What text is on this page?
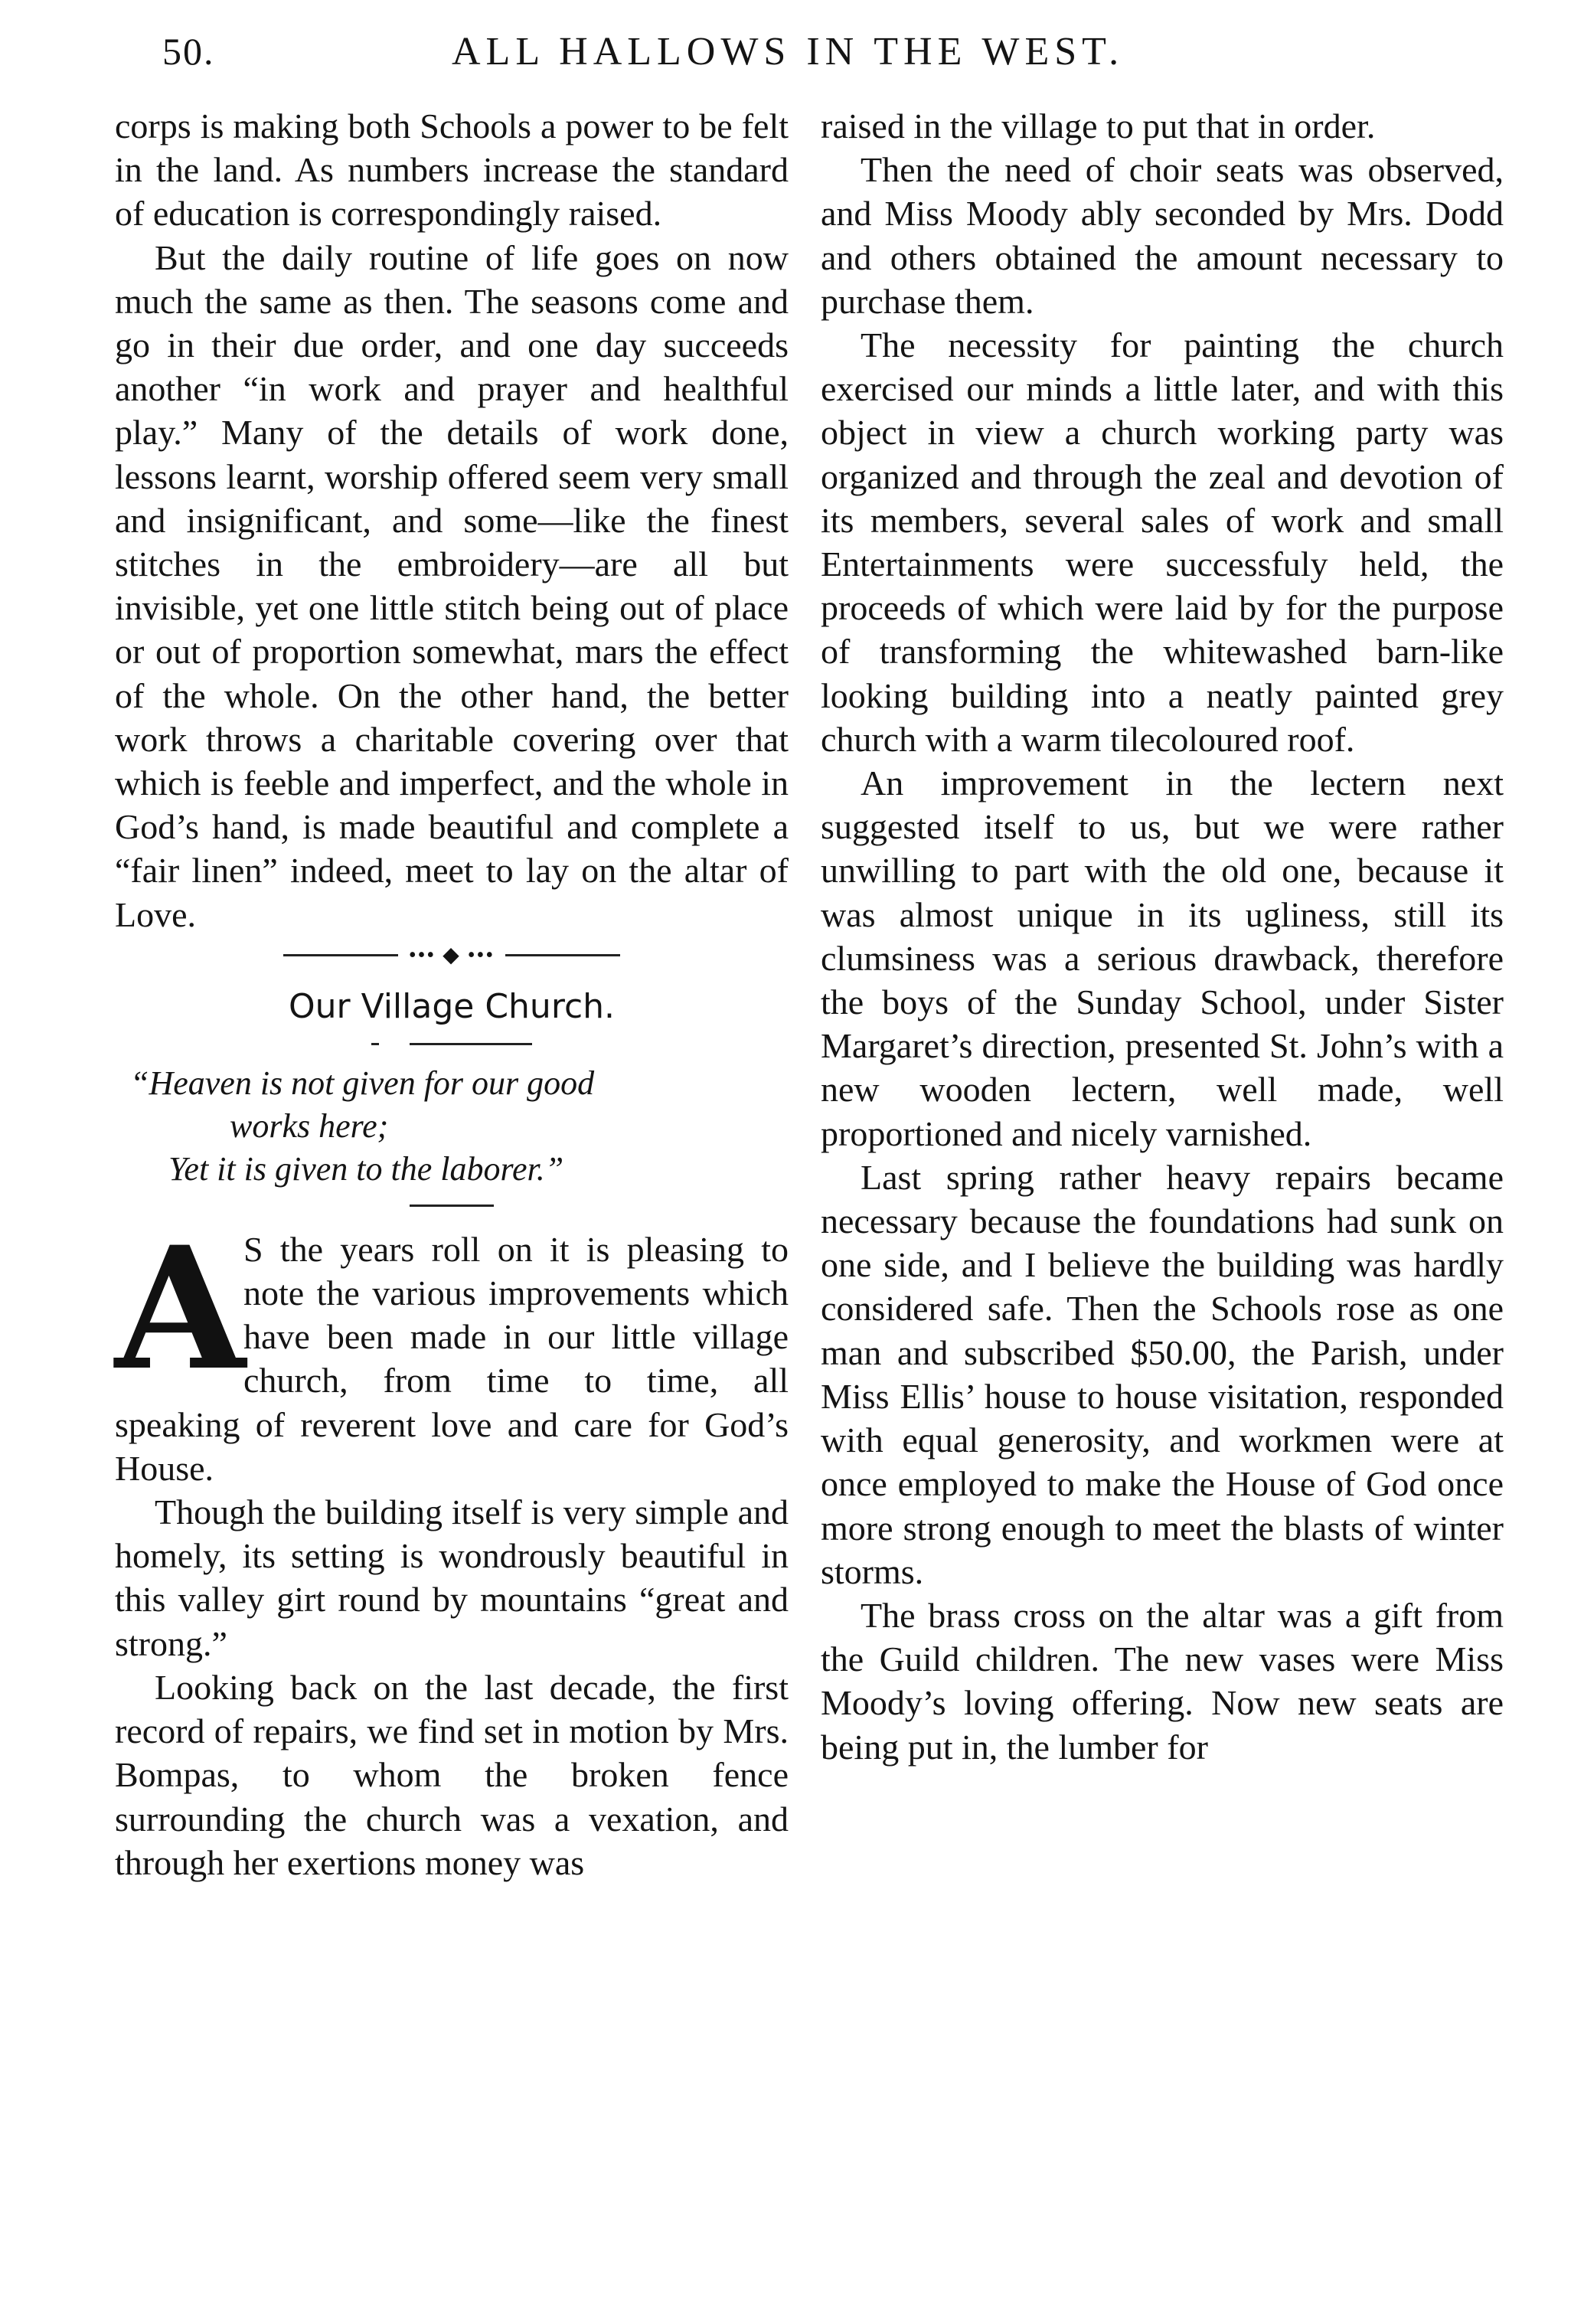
50.	ALL HALLOWS IN THE WEST.

corps is making both Schools a power to be felt in the land. As numbers increase the standard of education is correspondingly raised.

But the daily routine of life goes on now much the same as then. The seasons come and go in their due order, and one day succeeds another “in work and prayer and healthful play.” Many of the details of work done, lessons learnt, worship offered seem very small and insignificant, and some—like the finest stitches in the embroidery—are all but invisible, yet one little stitch being out of place or out of proportion somewhat, mars the effect of the whole. On the other hand, the better work throws a charitable covering over that which is feeble and imperfect, and the whole in God’s hand, is made beautiful and complete a “fair linen” indeed, meet to lay on the altar of Love.

••• ◆ •••

Our Village Church.

“Heaven is not given for our good
works here;
Yet it is given to the laborer.”

A
S the years roll on it is pleasing to note the various improvements which have been made in our little village church, from time to time, all speaking of reverent love and care for God’s House.

Though the building itself is very simple and homely, its setting is wondrously beautiful in this valley girt round by mountains “great and strong.”

Looking back on the last decade, the first record of repairs, we find set in motion by Mrs. Bompas, to whom the broken fence surrounding the church was a vexation, and through her exertions money was

raised in the village to put that in order.

Then the need of choir seats was observed, and Miss Moody ably seconded by Mrs. Dodd and others obtained the amount necessary to purchase them.

The necessity for painting the church exercised our minds a little later, and with this object in view a church working party was organized and through the zeal and devotion of its members, several sales of work and small Entertainments were successfuly held, the proceeds of which were laid by for the purpose of transforming the whitewashed barn-like looking building into a neatly painted grey church with a warm tilecoloured roof.

An improvement in the lectern next suggested itself to us, but we were rather unwilling to part with the old one, because it was almost unique in its ugliness, still its clumsiness was a serious drawback, therefore the boys of the Sunday School, under Sister Margaret’s direction, presented St. John’s with a new wooden lectern, well made, well proportioned and nicely varnished.

Last spring rather heavy repairs became necessary because the foundations had sunk on one side, and I believe the building was hardly considered safe. Then the Schools rose as one man and subscribed $50.00, the Parish, under Miss Ellis’ house to house visitation, responded with equal generosity, and workmen were at once employed to make the House of God once more strong enough to meet the blasts of winter storms.

The brass cross on the altar was a gift from the Guild children. The new vases were Miss Moody’s loving offering. Now new seats are being put in, the lumber for
